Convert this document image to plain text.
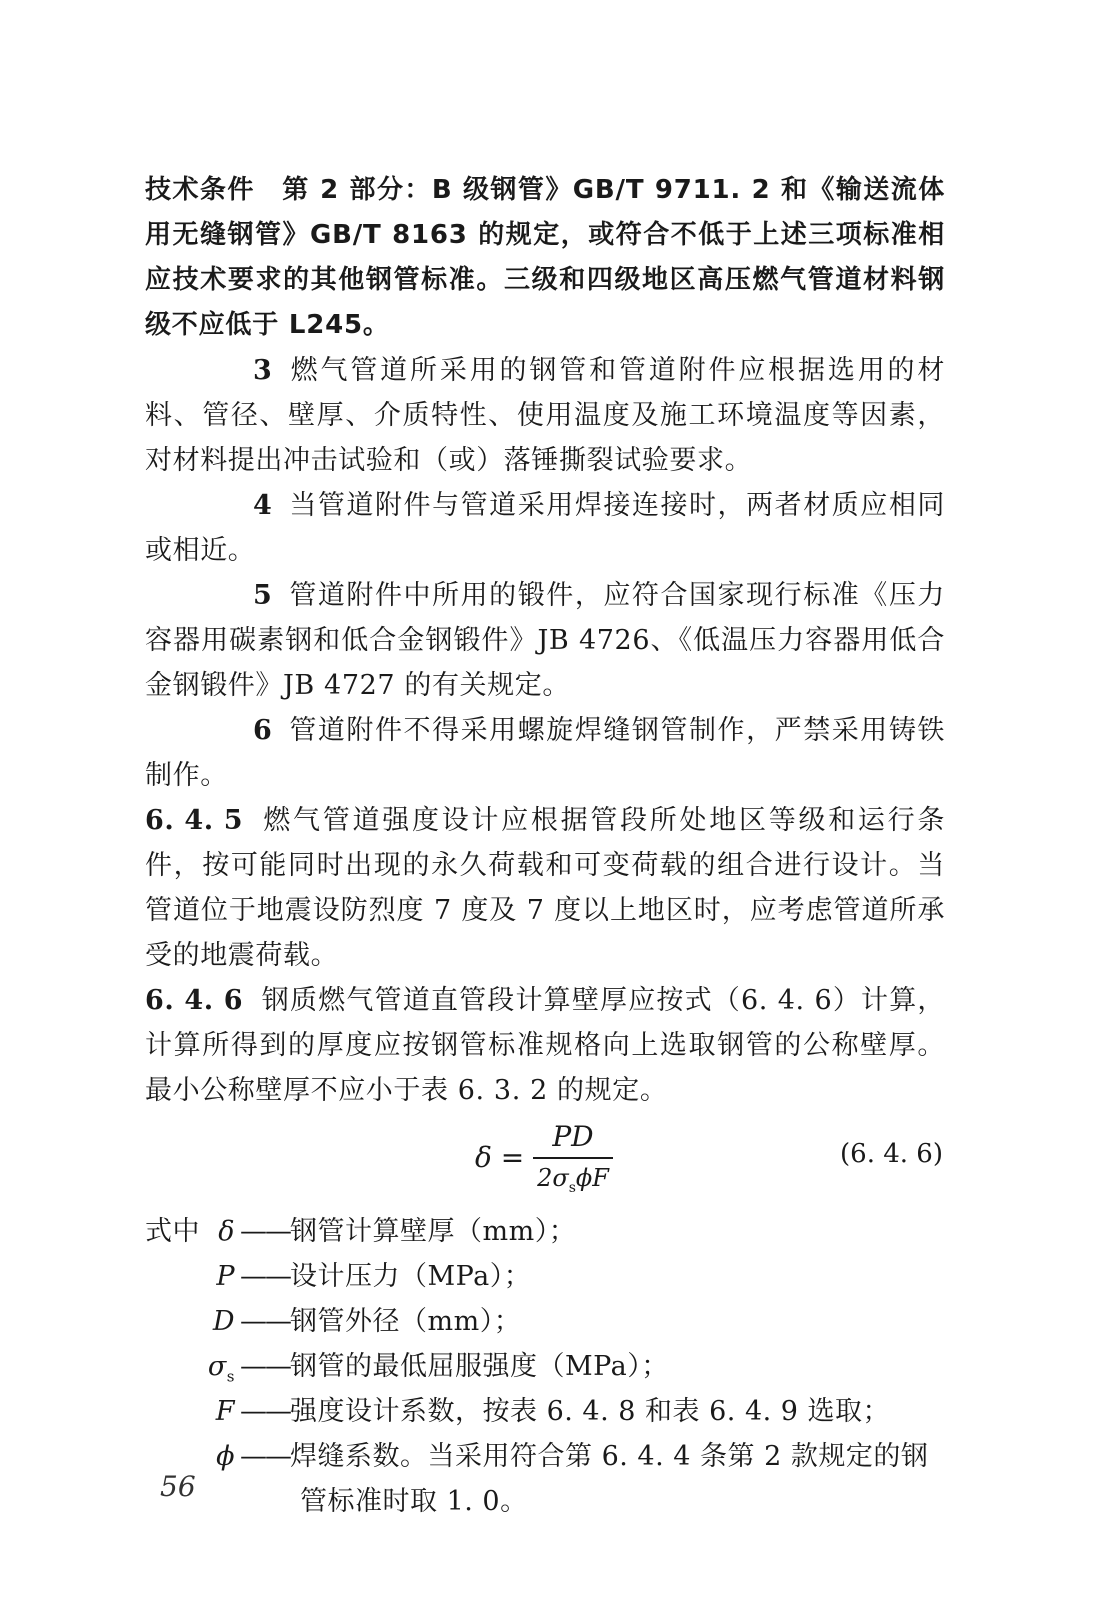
技术条件　第 2 部分：B 级钢管》GB/T 9711. 2 和《输送流体用无缝钢管》GB/T 8163 的规定，或符合不低于上述三项标准相应技术要求的其他钢管标准。三级和四级地区高压燃气管道材料钢级不应低于 L245。

3 燃气管道所采用的钢管和管道附件应根据选用的材料、管径、壁厚、介质特性、使用温度及施工环境温度等因素，对材料提出冲击试验和（或）落锤撕裂试验要求。

4 当管道附件与管道采用焊接连接时，两者材质应相同或相近。

5 管道附件中所用的锻件，应符合国家现行标准《压力容器用碳素钢和低合金钢锻件》JB 4726、《低温压力容器用低合金钢锻件》JB 4727 的有关规定。

6 管道附件不得采用螺旋焊缝钢管制作，严禁采用铸铁制作。

6. 4. 5 燃气管道强度设计应根据管段所处地区等级和运行条件，按可能同时出现的永久荷载和可变荷载的组合进行设计。当管道位于地震设防烈度 7 度及 7 度以上地区时，应考虑管道所承受的地震荷载。

6. 4. 6 钢质燃气管道直管段计算壁厚应按式（6. 4. 6）计算，计算所得到的厚度应按钢管标准规格向上选取钢管的公称壁厚。最小公称壁厚不应小于表 6. 3. 2 的规定。

δ =
PD
$2\sigma_s\phi F$
(6. 4. 6)
式中 δ ——钢管计算壁厚（mm）；
P ——设计压力（MPa）；
D ——钢管外径（mm）；
$\sigma_s$ ——钢管的最低屈服强度（MPa）；
F ——强度设计系数，按表 6. 4. 8 和表 6. 4. 9 选取；
ϕ ——焊缝系数。当采用符合第 6. 4. 4 条第 2 款规定的钢管标准时取 1. 0。
56
